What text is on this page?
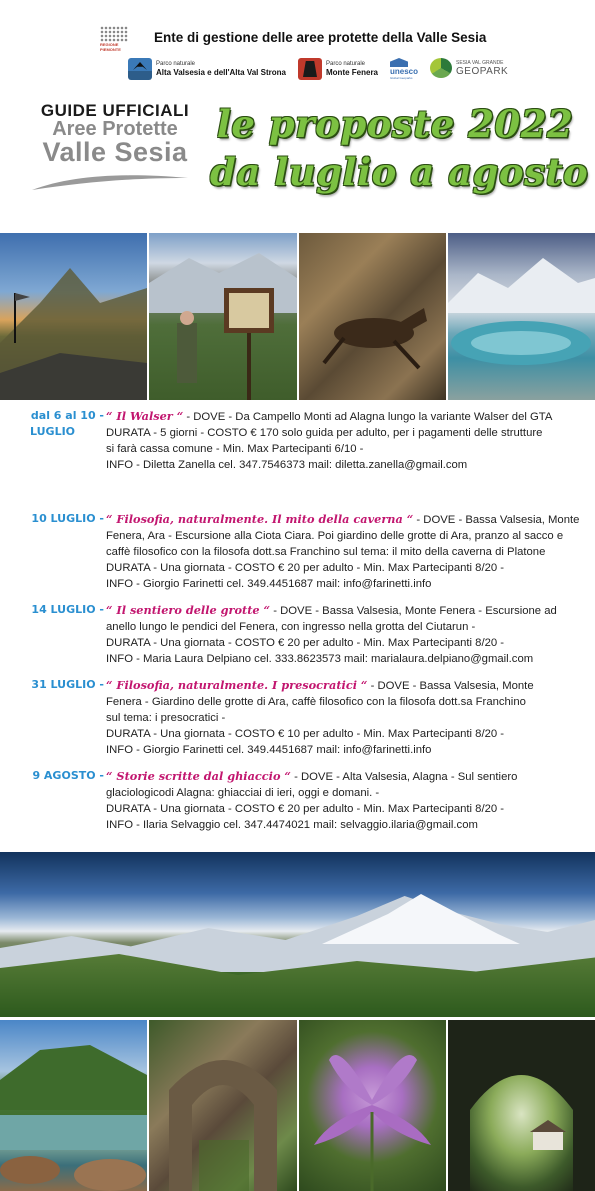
REGIONE PIEMONTE
Ente di gestione delle aree protette della Valle Sesia
Parco naturale
Alta Valsesia e dell'Alta Val Strona
Parco naturale
Monte Fenera unesco
Global Geoparks
SESIA VAL GRANDE
GEOPARK
GUIDE UFFICIALI
Aree Protette
Valle Sesia
le proposte 2022
da luglio a agosto
dal 6 al 10 -
LUGLIO
“ Il Walser “ - DOVE - Da Campello Monti ad Alagna lungo la variante Walser del GTA
DURATA - 5 giorni - COSTO € 170 solo guida per adulto, per i pagamenti delle strutture
si farà cassa comune - Min. Max Partecipanti 6/10 -
INFO - Diletta Zanella cel. 347.7546373 mail: diletta.zanella@gmail.com
10 LUGLIO - “ Filosofia, naturalmente. Il mito della caverna “ - DOVE - Bassa Valsesia, Monte
Fenera, Ara - Escursione alla Ciota Ciara. Poi giardino delle grotte di Ara, pranzo al sacco e
caffè filosofico con la filosofa dott.sa Franchino sul tema: il mito della caverna di Platone
DURATA - Una giornata - COSTO € 20 per adulto - Min. Max Partecipanti 8/20 -
INFO - Giorgio Farinetti cel. 349.4451687 mail: info@farinetti.info
14 LUGLIO - “ Il sentiero delle grotte “ - DOVE - Bassa Valsesia, Monte Fenera - Escursione ad
anello lungo le pendici del Fenera, con ingresso nella grotta del Ciutarun -
DURATA - Una giornata - COSTO € 20 per adulto - Min. Max Partecipanti 8/20 -
INFO - Maria Laura Delpiano cel. 333.8623573 mail: marialaura.delpiano@gmail.com
31 LUGLIO - “ Filosofia, naturalmente. I presocratici “ - DOVE - Bassa Valsesia, Monte
Fenera - Giardino delle grotte di Ara, caffè filosofico con la filosofa dott.sa Franchino
sul tema: i presocratici -
DURATA - Una giornata - COSTO € 10 per adulto - Min. Max Partecipanti 8/20 -
INFO - Giorgio Farinetti cel. 349.4451687 mail: info@farinetti.info
9 AGOSTO - “ Storie scritte dal ghiaccio “ - DOVE - Alta Valsesia, Alagna - Sul sentiero
glaciologicodi Alagna: ghiacciai di ieri, oggi e domani. -
DURATA - Una giornata - COSTO € 20 per adulto - Min. Max Partecipanti 8/20 -
INFO - Ilaria Selvaggio cel. 347.4474021 mail: selvaggio.ilaria@gmail.com
